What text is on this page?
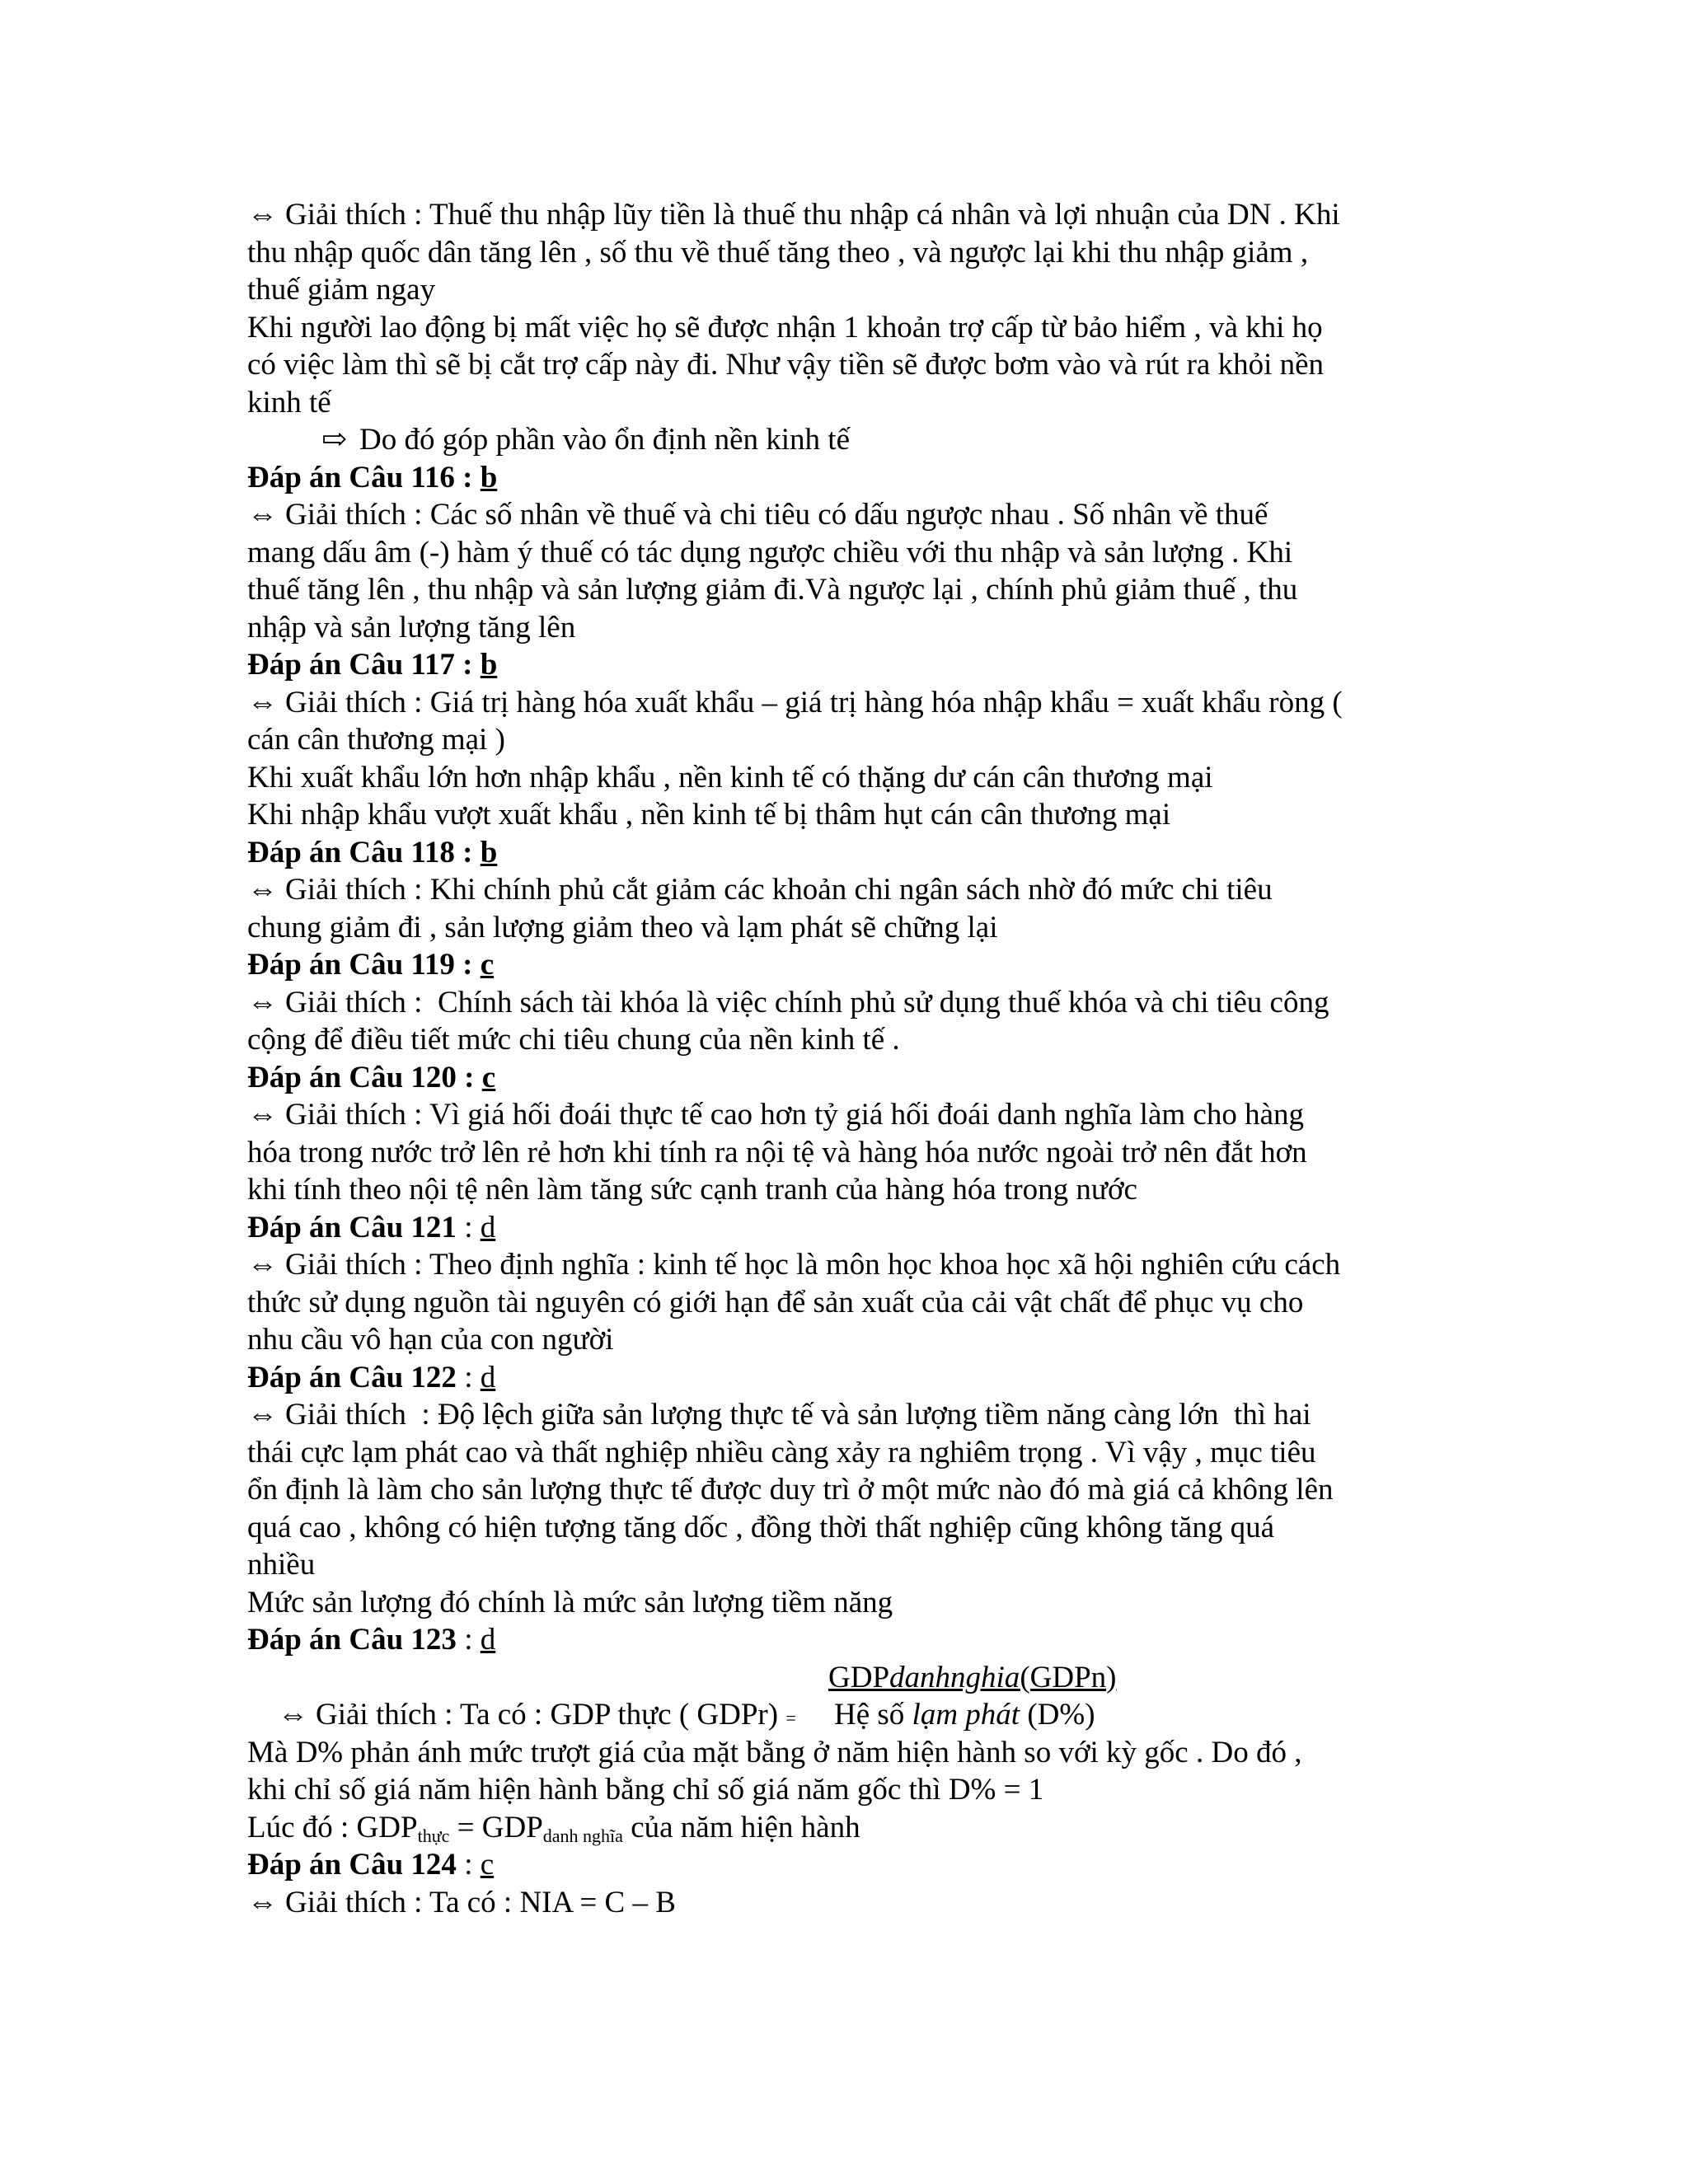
⇔ Giải thích : Thuế thu nhập lũy tiền là thuế thu nhập cá nhân và lợi nhuận của DN . Khi
thu nhập quốc dân tăng lên , số thu về thuế tăng theo , và ngược lại khi thu nhập giảm ,
thuế giảm ngay
Khi người lao động bị mất việc họ sẽ được nhận 1 khoản trợ cấp từ bảo hiểm , và khi họ
có việc làm thì sẽ bị cắt trợ cấp này đi. Như vậy tiền sẽ được bơm vào và rút ra khỏi nền
kinh tế
⇨ Do đó góp phần vào ổn định nền kinh tế
Đáp án Câu 116 : b
⇔ Giải thích : Các số nhân về thuế và chi tiêu có dấu ngược nhau . Số nhân về thuế
mang dấu âm (-) hàm ý thuế có tác dụng ngược chiều với thu nhập và sản lượng . Khi
thuế tăng lên , thu nhập và sản lượng giảm đi.Và ngược lại , chính phủ giảm thuế , thu
nhập và sản lượng tăng lên
Đáp án Câu 117 : b
⇔ Giải thích : Giá trị hàng hóa xuất khẩu – giá trị hàng hóa nhập khẩu = xuất khẩu ròng (
cán cân thương mại )
Khi xuất khẩu lớn hơn nhập khẩu , nền kinh tế có thặng dư cán cân thương mại
Khi nhập khẩu vượt xuất khẩu , nền kinh tế bị thâm hụt cán cân thương mại
Đáp án Câu 118 : b
⇔ Giải thích : Khi chính phủ cắt giảm các khoản chi ngân sách nhờ đó mức chi tiêu
chung giảm đi , sản lượng giảm theo và lạm phát sẽ chững lại
Đáp án Câu 119 : c
⇔ Giải thích :  Chính sách tài khóa là việc chính phủ sử dụng thuế khóa và chi tiêu công
cộng để điều tiết mức chi tiêu chung của nền kinh tế .
Đáp án Câu 120 : c
⇔ Giải thích : Vì giá hối đoái thực tế cao hơn tỷ giá hối đoái danh nghĩa làm cho hàng
hóa trong nước trở lên rẻ hơn khi tính ra nội tệ và hàng hóa nước ngoài trở nên đắt hơn
khi tính theo nội tệ nên làm tăng sức cạnh tranh của hàng hóa trong nước
Đáp án Câu 121 : d
⇔ Giải thích : Theo định nghĩa : kinh tế học là môn học khoa học xã hội nghiên cứu cách
thức sử dụng nguồn tài nguyên có giới hạn để sản xuất của cải vật chất để phục vụ cho
nhu cầu vô hạn của con người
Đáp án Câu 122 : d
⇔ Giải thích  : Độ lệch giữa sản lượng thực tế và sản lượng tiềm năng càng lớn  thì hai
thái cực lạm phát cao và thất nghiệp nhiều càng xảy ra nghiêm trọng . Vì vậy , mục tiêu
ổn định là làm cho sản lượng thực tế được duy trì ở một mức nào đó mà giá cả không lên
quá cao , không có hiện tượng tăng dốc , đồng thời thất nghiệp cũng không tăng quá
nhiều
Mức sản lượng đó chính là mức sản lượng tiềm năng
Đáp án Câu 123 : d

⇔ Giải thích : Ta có : GDP thực ( GDPr) =

GDPdanhnghia(GDPn)

Hệ số lạm phát (D%)

Mà D% phản ánh mức trượt giá của mặt bằng ở năm hiện hành so với kỳ gốc . Do đó ,
khi chỉ số giá năm hiện hành bằng chỉ số giá năm gốc thì D% = 1
Lúc đó : $GDP_{thực} = GDP_{danh nghĩa}$ của năm hiện hành
Đáp án Câu 124 : c
⇔ Giải thích : Ta có : NIA = C – B
